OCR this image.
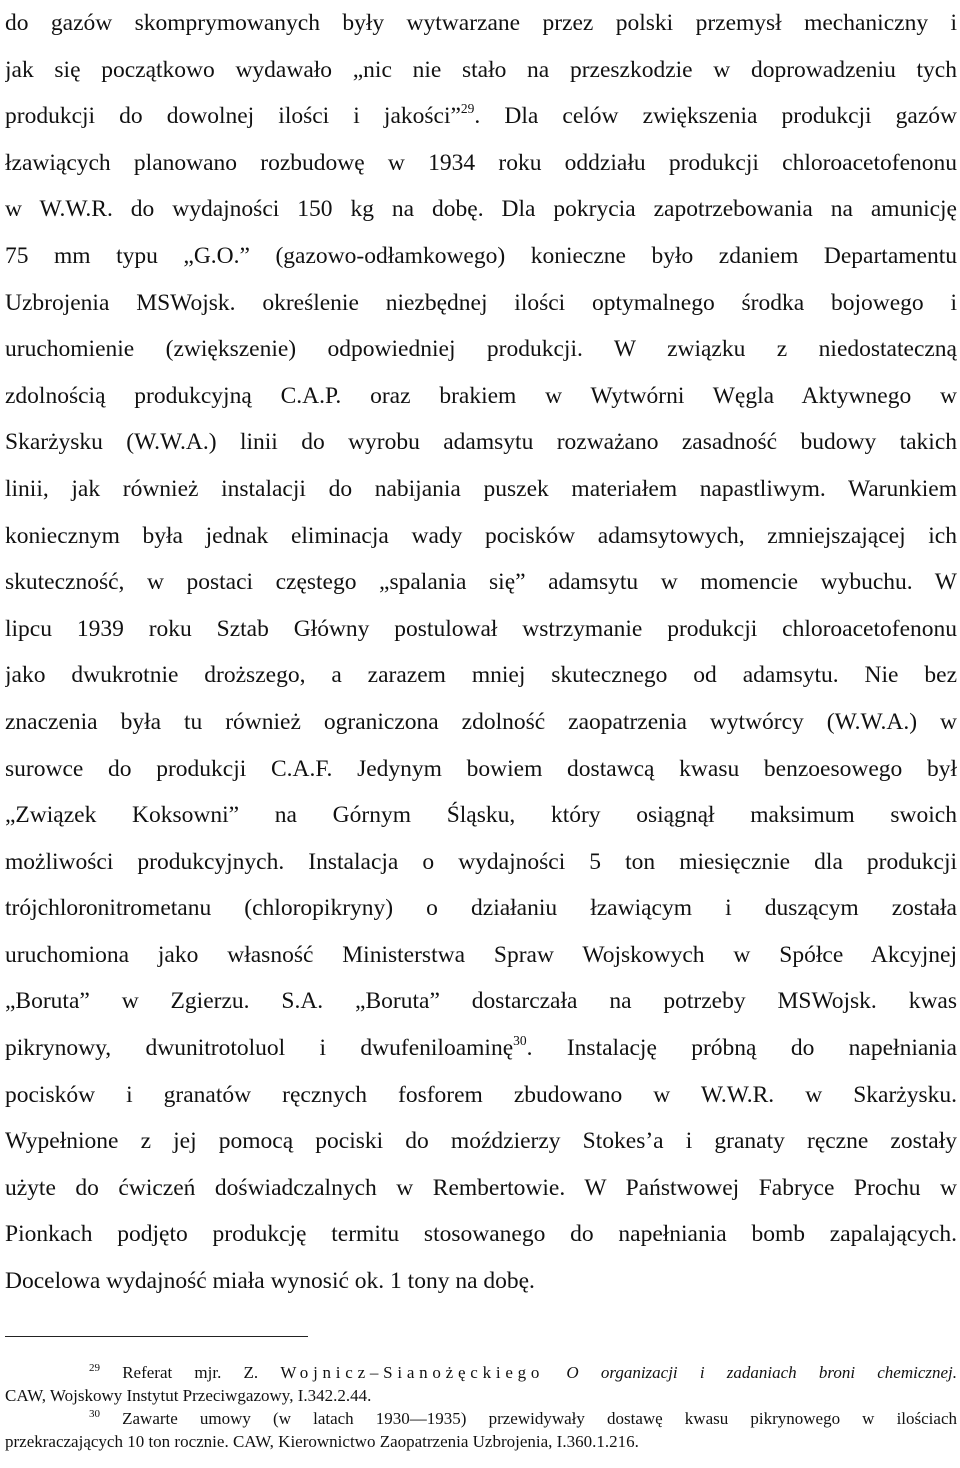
do gazów skomprymowanych były wytwarzane przez polski przemysł mechaniczny i
jak się początkowo wydawało „nic nie stało na przeszkodzie w doprowadzeniu tych
produkcji do dowolnej ilości i jakości”$^{29}$. Dla celów zwiększenia produkcji gazów
łzawiących planowano rozbudowę w 1934 roku oddziału produkcji chloroacetofenonu
w W.W.R. do wydajności 150 kg na dobę. Dla pokrycia zapotrzebowania na amunicję
75 mm typu „G.O.” (gazowo-odłamkowego) konieczne było zdaniem Departamentu
Uzbrojenia MSWojsk. określenie niezbędnej ilości optymalnego środka bojowego i
uruchomienie (zwiększenie) odpowiedniej produkcji. W związku z niedostateczną
zdolnością produkcyjną C.A.P. oraz brakiem w Wytwórni Węgla Aktywnego w
Skarżysku (W.W.A.) linii do wyrobu adamsytu rozważano zasadność budowy takich
linii, jak również instalacji do nabijania puszek materiałem napastliwym. Warunkiem
koniecznym była jednak eliminacja wady pocisków adamsytowych, zmniejszającej ich
skuteczność, w postaci częstego „spalania się” adamsytu w momencie wybuchu. W
lipcu 1939 roku Sztab Główny postulował wstrzymanie produkcji chloroacetofenonu
jako dwukrotnie droższego, a zarazem mniej skutecznego od adamsytu. Nie bez
znaczenia była tu również ograniczona zdolność zaopatrzenia wytwórcy (W.W.A.) w
surowce do produkcji C.A.F. Jedynym bowiem dostawcą kwasu benzoesowego był
„Związek Koksowni” na Górnym Śląsku, który osiągnął maksimum swoich
możliwości produkcyjnych. Instalacja o wydajności 5 ton miesięcznie dla produkcji
trójchloronitrometanu (chloropikryny) o działaniu łzawiącym i duszącym została
uruchomiona jako własność Ministerstwa Spraw Wojskowych w Spółce Akcyjnej
„Boruta” w Zgierzu. S.A. „Boruta” dostarczała na potrzeby MSWojsk. kwas
pikrynowy, dwunitrotoluol i dwufeniloaminę$^{30}$. Instalację próbną do napełniania
pocisków i granatów ręcznych fosforem zbudowano w W.W.R. w Skarżysku.
Wypełnione z jej pomocą pociski do moździerzy Stokes’a i granaty ręczne zostały
użyte do ćwiczeń doświadczalnych w Rembertowie. W Państwowej Fabryce Prochu w
Pionkach podjęto produkcję termitu stosowanego do napełniania bomb zapalających.
Docelowa wydajność miała wynosić ok. 1 tony na dobę.
$^{29}$ Referat mjr. Z. Wojnicz–Sianożęckiego O organizacji i zadaniach broni chemicznej.
CAW, Wojskowy Instytut Przeciwgazowy, I.342.2.44.
$^{30}$ Zawarte umowy (w latach 1930—1935) przewidywały dostawę kwasu pikrynowego w ilościach
przekraczających 10 ton rocznie. CAW, Kierownictwo Zaopatrzenia Uzbrojenia, I.360.1.216.
